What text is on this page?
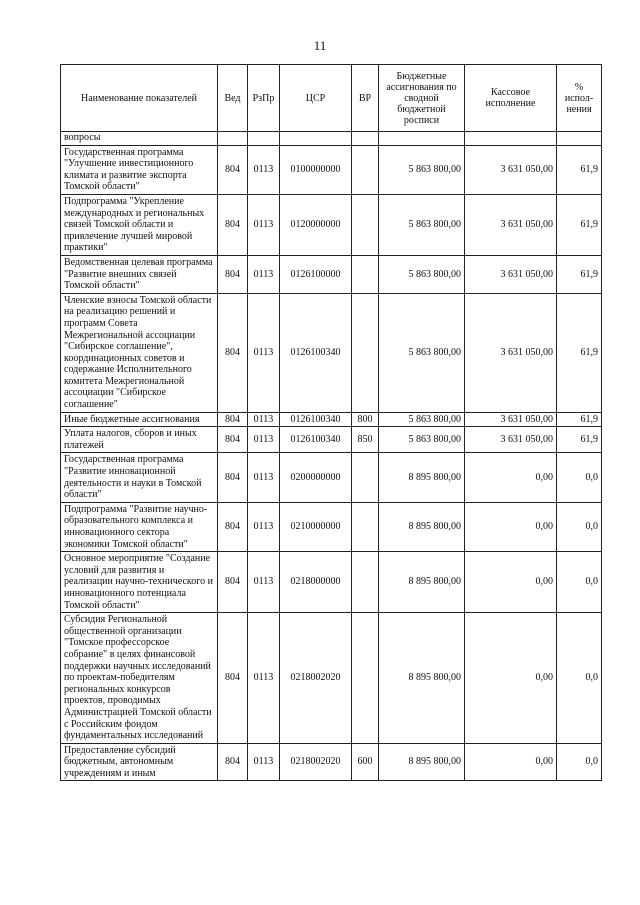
11
Наименование показателей	Вед	РзПр	ЦСР	ВР	Бюджетные ассигнования по сводной бюджетной росписи	Кассовое исполнение	% испол-нения
вопросы							
Государственная программа "Улучшение инвестиционного климата и развитие экспорта Томской области"	804	0113	0100000000		5 863 800,00	3 631 050,00	61,9
Подпрограмма "Укрепление международных и региональных связей Томской области и привлечение лучшей мировой практики"	804	0113	0120000000		5 863 800,00	3 631 050,00	61,9
Ведомственная целевая программа "Развитие внешних связей Томской области"	804	0113	0126100000		5 863 800,00	3 631 050,00	61,9
Членские взносы Томской области на реализацию решений и программ Совета Межрегиональной ассоциации "Сибирское соглашение", координационных советов и содержание Исполнительного комитета Межрегиональной ассоциации "Сибирское соглашение"	804	0113	0126100340		5 863 800,00	3 631 050,00	61,9
Иные бюджетные ассигнования	804	0113	0126100340	800	5 863 800,00	3 631 050,00	61,9
Уплата налогов, сборов и иных платежей	804	0113	0126100340	850	5 863 800,00	3 631 050,00	61,9
Государственная программа "Развитие инновационной деятельности и науки в Томской области"	804	0113	0200000000		8 895 800,00	0,00	0,0
Подпрограмма "Развитие научно-образовательного комплекса и инновационного сектора экономики Томской области"	804	0113	0210000000		8 895 800,00	0,00	0,0
Основное мероприятие "Создание условий для развития и реализации научно-технического и инновационного потенциала Томской области"	804	0113	0218000000		8 895 800,00	0,00	0,0
Субсидия Региональной общественной организации "Томское профессорское собрание" в целях финансовой поддержки научных исследований по проектам-победителям региональных конкурсов проектов, проводимых Администрацией Томской области с Российским фондом фундаментальных исследований	804	0113	0218002020		8 895 800,00	0,00	0,0
Предоставление субсидий бюджетным, автономным учреждениям и иным	804	0113	0218002020	600	8 895 800,00	0,00	0,0
